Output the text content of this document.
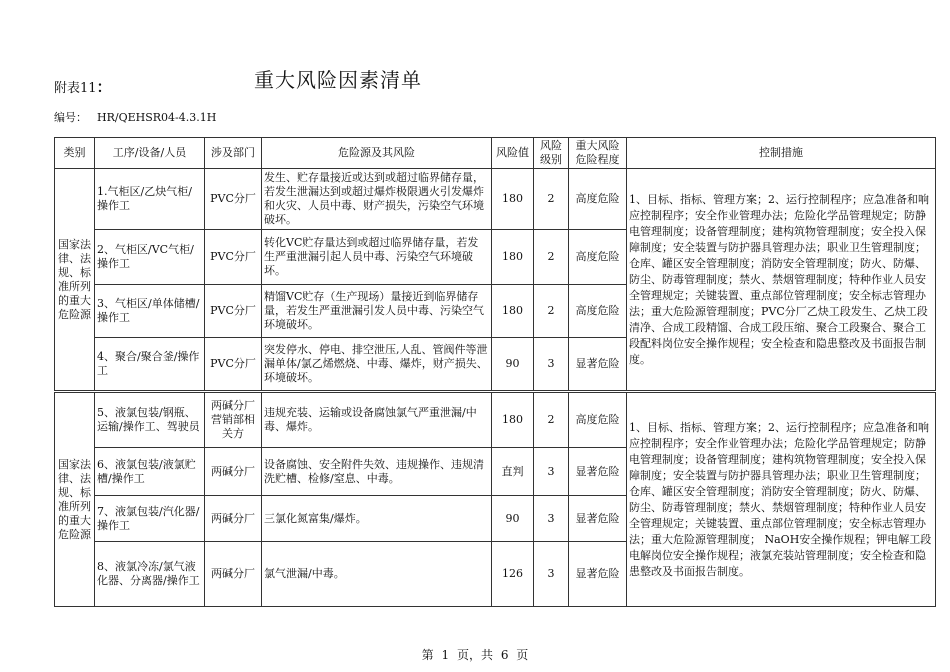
附表11：	重大风险因素清单
编号： HR/QEHSR04-4.3.1H
类别	工序/设备/人员	涉及部门	危险源及其风险	风险值	风险级别	重大风险危险程度	控制措施
国家法律、法规、标准所列的重大危险源	1.气柜区/乙炔气柜/操作工	PVC分厂	发生、贮存量接近或达到或超过临界储存量，若发生泄漏达到或超过爆炸极限遇火引发爆炸和火灾、人员中毒、财产损失，污染空气环境破坏。	180	2	高度危险	1、目标、指标、管理方案；2、运行控制程序；应急准备和响应控制程序；安全作业管理办法；危险化学品管理规定；防静电管理制度；设备管理制度；建构筑物管理制度；安全投入保障制度；安全装置与防护器具管理办法；职业卫生管理制度；仓库、罐区安全管理制度；消防安全管理制度；防火、防爆、防尘、防毒管理制度；禁火、禁烟管理制度；特种作业人员安全管理规定；关键装置、重点部位管理制度；安全标志管理办法；重大危险源管理制度；PVC分厂乙炔工段发生、乙炔工段清净、合成工段精馏、合成工段压缩、聚合工段聚合、聚合工段配料岗位安全操作规程；安全检查和隐患整改及书面报告制度。
	2、气柜区/VC气柜/操作工	PVC分厂	转化VC贮存量达到或超过临界储存量，若发生严重泄漏引起人员中毒、污染空气环境破坏。	180	2	高度危险	
	3、气柜区/单体储槽/操作工	PVC分厂	精馏VC贮存（生产现场）量接近到临界储存量，若发生严重泄漏引发人员中毒、污染空气环境破坏。	180	2	高度危险	
	4、聚合/聚合釜/操作工	PVC分厂	突发停水、停电、排空泄压,人乱、管阀件等泄漏单体/氯乙烯燃烧、中毒、爆炸，财产损失、环境破坏。	90	3	显著危险	
国家法律、法规、标准所列的重大危险源	5、液氯包装/钢瓶、运输/操作工、驾驶员	两碱分厂营销部相关方	违规充装、运输或设备腐蚀氯气严重泄漏/中毒、爆炸。	180	2	高度危险	1、目标、指标、管理方案；2、运行控制程序；应急准备和响应控制程序；安全作业管理办法；危险化学品管理规定；防静电管理制度；设备管理制度；建构筑物管理制度；安全投入保障制度；安全装置与防护器具管理办法；职业卫生管理制度；仓库、罐区安全管理制度；消防安全管理制度；防火、防爆、防尘、防毒管理制度；禁火、禁烟管理制度；特种作业人员安全管理规定；关键装置、重点部位管理制度；安全标志管理办法；重大危险源管理制度； NaOH安全操作规程；钾电解工段电解岗位安全操作规程；液氯充装站管理制度；安全检查和隐患整改及书面报告制度。
	6、液氯包装/液氯贮槽/操作工	两碱分厂	设备腐蚀、安全附件失效、违规操作、违规清洗贮槽、检修/窒息、中毒。	直判	3	显著危险	
	7、液氯包装/汽化器/操作工	两碱分厂	三氯化氮富集/爆炸。	90	3	显著危险	
	8、液氯冷冻/氯气液化器、分离器/操作工	两碱分厂	氯气泄漏/中毒。	126	3	显著危险	
第 1 页，共 6 页
